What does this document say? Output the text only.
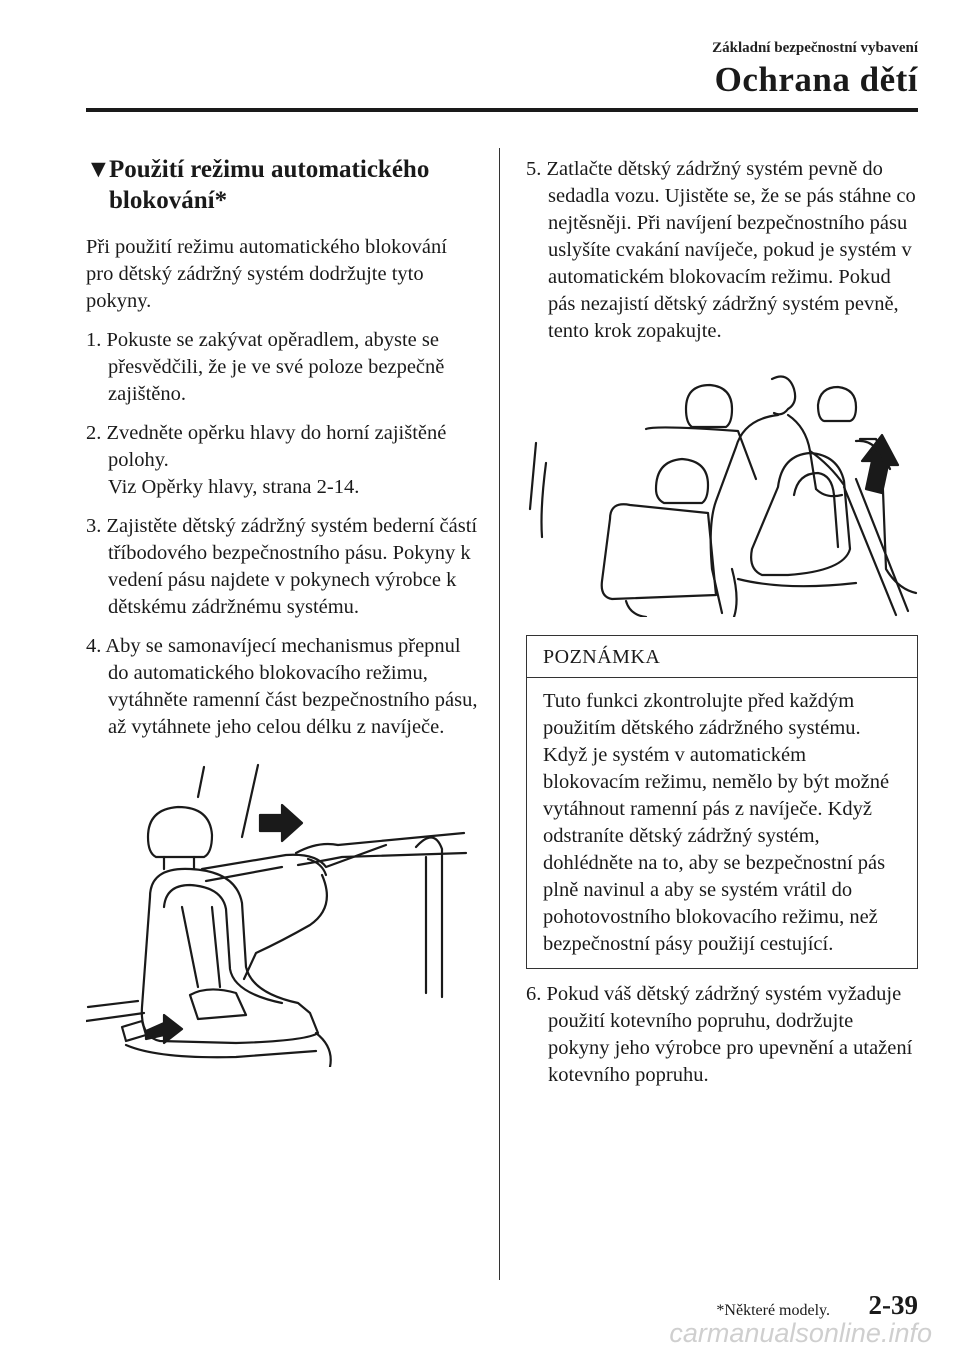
Základní bezpečnostní vybavení
Ochrana dětí
▼Použití režimu automatického blokování*

Při použití režimu automatického blokování pro dětský zádržný systém dodržujte tyto pokyny.

1. Pokuste se zakývat opěradlem, abyste se přesvědčili, že je ve své poloze bezpečně zajištěno.
2. Zvedněte opěrku hlavy do horní zajištěné polohy.
Viz Opěrky hlavy, strana 2-14.
3. Zajistěte dětský zádržný systém bederní částí tříbodového bezpečnostního pásu. Pokyny k vedení pásu najdete v pokynech výrobce k dětskému zádržnému systému.
4. Aby se samonavíjecí mechanismus přepnul do automatického blokovacího režimu, vytáhněte ramenní část bezpečnostního pásu, až vytáhnete jeho celou délku z navíječe.
5. Zatlačte dětský zádržný systém pevně do sedadla vozu. Ujistěte se, že se pás stáhne co nejtěsněji. Při navíjení bezpečnostního pásu uslyšíte cvakání navíječe, pokud je systém v automatickém blokovacím režimu. Pokud pás nezajistí dětský zádržný systém pevně, tento krok zopakujte.
POZNÁMKA
Tuto funkci zkontrolujte před každým použitím dětského zádržného systému. Když je systém v automatickém blokovacím režimu, nemělo by být možné vytáhnout ramenní pás z navíječe. Když odstraníte dětský zádržný systém, dohlédněte na to, aby se bezpečnostní pás plně navinul a aby se systém vrátil do pohotovostního blokovacího režimu, než bezpečnostní pásy použijí cestující.
6. Pokud váš dětský zádržný systém vyžaduje použití kotevního popruhu, dodržujte pokyny jeho výrobce pro upevnění a utažení kotevního popruhu.
*Některé modely. 2-39
carmanualsonline.info
